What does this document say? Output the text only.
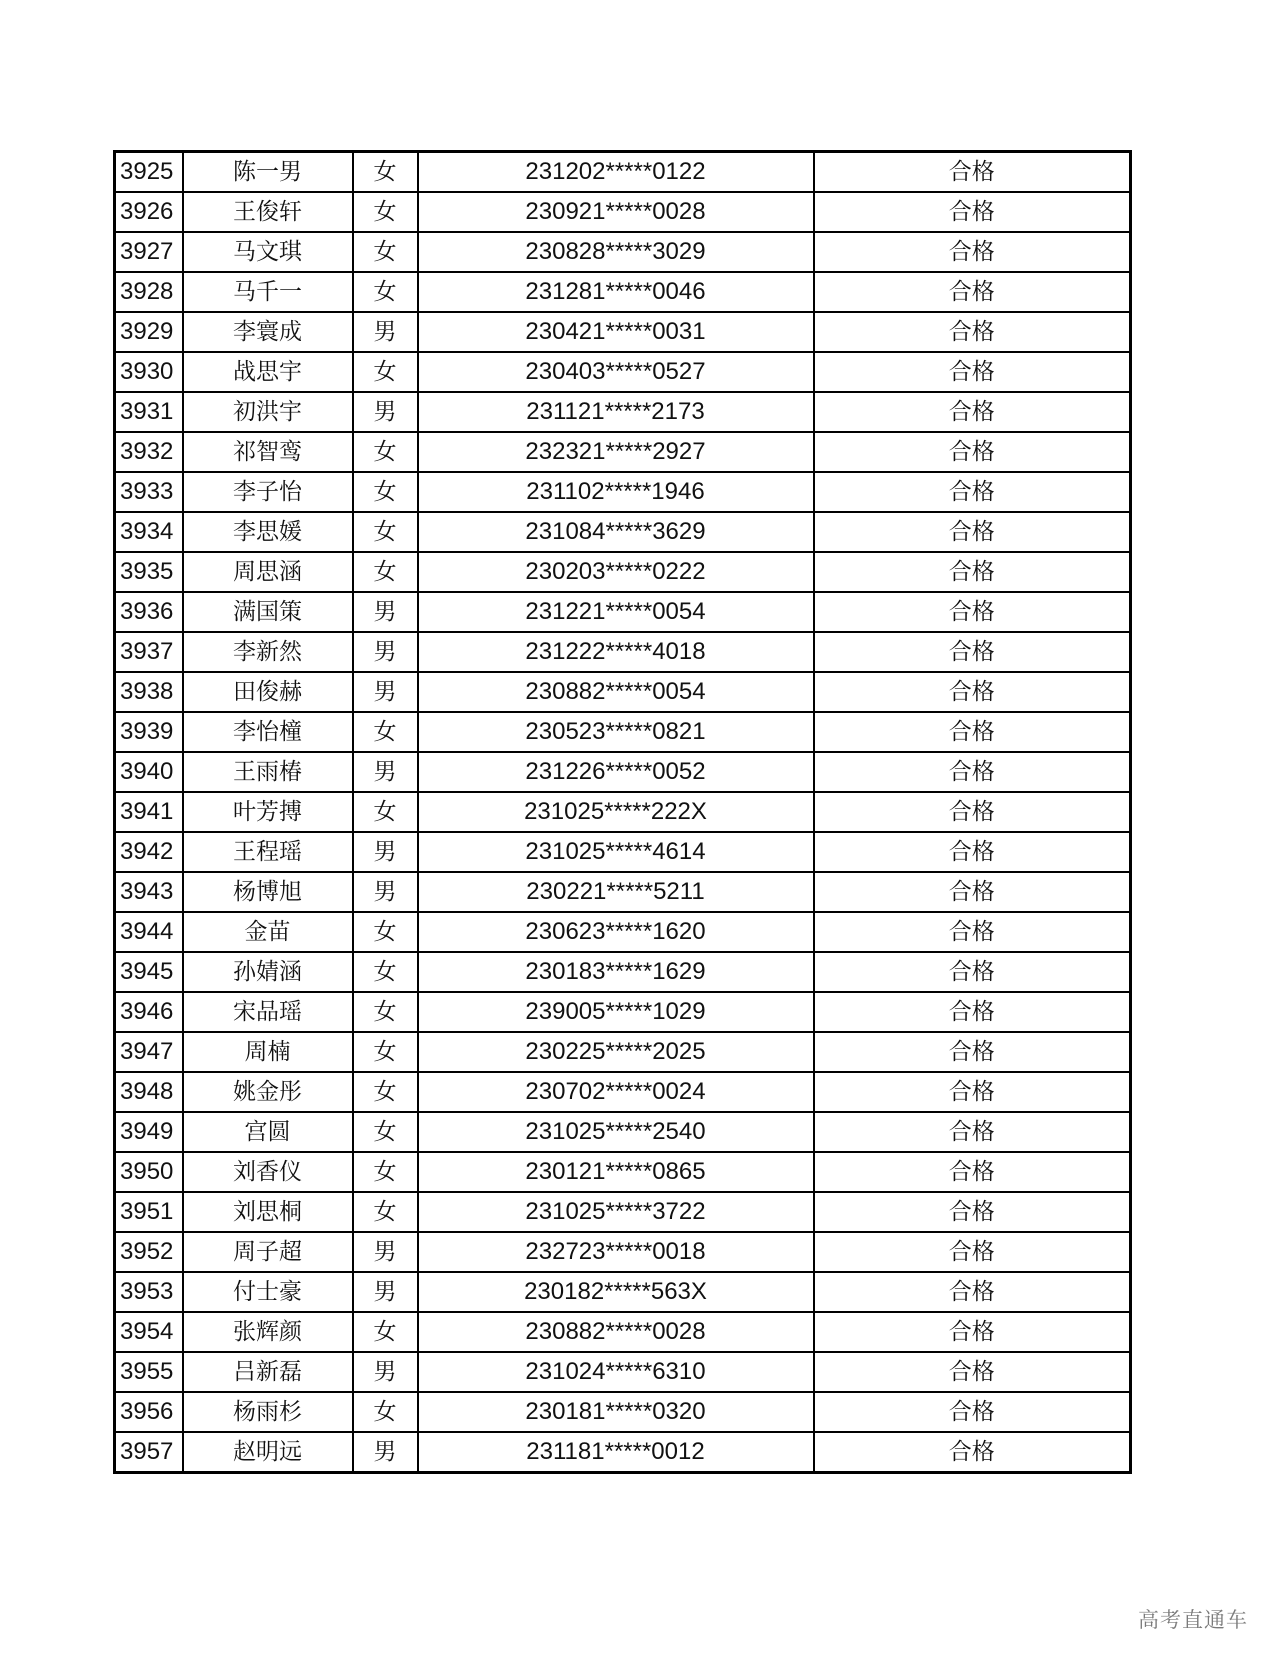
3925	陈一男	女	231202*****0122	合格
3926	王俊轩	女	230921*****0028	合格
3927	马文琪	女	230828*****3029	合格
3928	马千一	女	231281*****0046	合格
3929	李寰成	男	230421*****0031	合格
3930	战思宇	女	230403*****0527	合格
3931	初洪宇	男	231121*****2173	合格
3932	祁智鸾	女	232321*****2927	合格
3933	李子怡	女	231102*****1946	合格
3934	李思媛	女	231084*****3629	合格
3935	周思涵	女	230203*****0222	合格
3936	满国策	男	231221*****0054	合格
3937	李新然	男	231222*****4018	合格
3938	田俊赫	男	230882*****0054	合格
3939	李怡橦	女	230523*****0821	合格
3940	王雨椿	男	231226*****0052	合格
3941	叶芳搏	女	231025*****222X	合格
3942	王程瑶	男	231025*****4614	合格
3943	杨博旭	男	230221*****5211	合格
3944	金苗	女	230623*****1620	合格
3945	孙婧涵	女	230183*****1629	合格
3946	宋品瑶	女	239005*****1029	合格
3947	周楠	女	230225*****2025	合格
3948	姚金彤	女	230702*****0024	合格
3949	宫圆	女	231025*****2540	合格
3950	刘香仪	女	230121*****0865	合格
3951	刘思桐	女	231025*****3722	合格
3952	周子超	男	232723*****0018	合格
3953	付士豪	男	230182*****563X	合格
3954	张辉颜	女	230882*****0028	合格
3955	吕新磊	男	231024*****6310	合格
3956	杨雨杉	女	230181*****0320	合格
3957	赵明远	男	231181*****0012	合格
高考直通车
